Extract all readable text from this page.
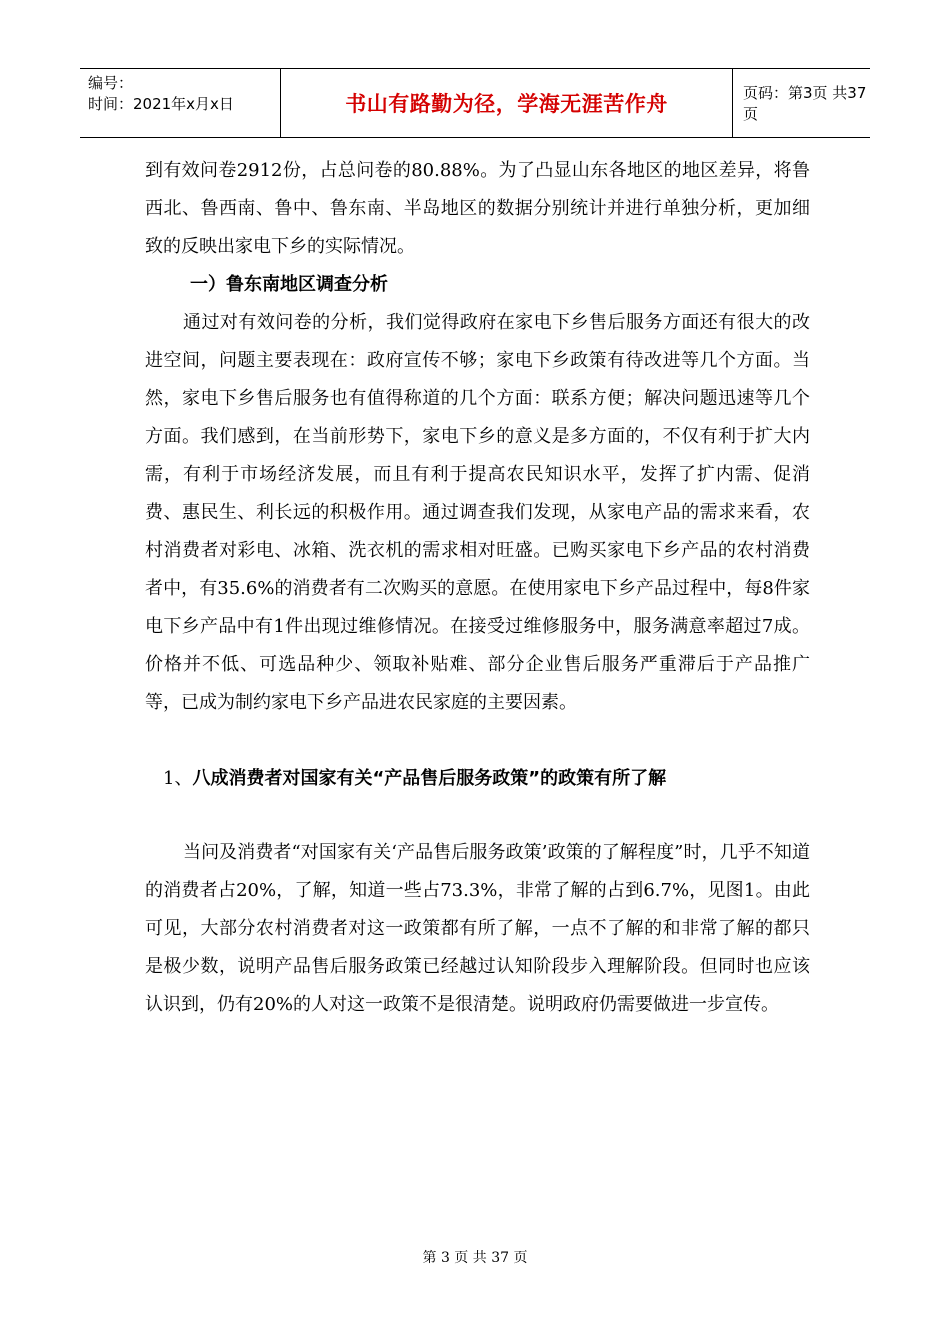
编号：
时间：2021年x月x日	书山有路勤为径，学海无涯苦作舟	页码：第3页 共37页

到有效问卷2912份，占总问卷的80.88%。为了凸显山东各地区的地区差异，将鲁西北、鲁西南、鲁中、鲁东南、半岛地区的数据分别统计并进行单独分析，更加细致的反映出家电下乡的实际情况。

一）鲁东南地区调查分析

通过对有效问卷的分析，我们觉得政府在家电下乡售后服务方面还有很大的改进空间，问题主要表现在：政府宣传不够；家电下乡政策有待改进等几个方面。当然，家电下乡售后服务也有值得称道的几个方面：联系方便；解决问题迅速等几个方面。我们感到，在当前形势下，家电下乡的意义是多方面的，不仅有利于扩大内需，有利于市场经济发展，而且有利于提高农民知识水平，发挥了扩内需、促消费、惠民生、利长远的积极作用。通过调查我们发现，从家电产品的需求来看，农村消费者对彩电、冰箱、洗衣机的需求相对旺盛。已购买家电下乡产品的农村消费者中，有35.6%的消费者有二次购买的意愿。在使用家电下乡产品过程中，每8件家电下乡产品中有1件出现过维修情况。在接受过维修服务中，服务满意率超过7成。价格并不低、可选品种少、领取补贴难、部分企业售后服务严重滞后于产品推广等，已成为制约家电下乡产品进农民家庭的主要因素。

1、八成消费者对国家有关“产品售后服务政策”的政策有所了解

当问及消费者“对国家有关‘产品售后服务政策’政策的了解程度”时，几乎不知道的消费者占20%，了解，知道一些占73.3%，非常了解的占到6.7%，见图1。由此可见，大部分农村消费者对这一政策都有所了解，一点不了解的和非常了解的都只是极少数，说明产品售后服务政策已经越过认知阶段步入理解阶段。但同时也应该认识到，仍有20%的人对这一政策不是很清楚。说明政府仍需要做进一步宣传。

第 3 页 共 37 页
